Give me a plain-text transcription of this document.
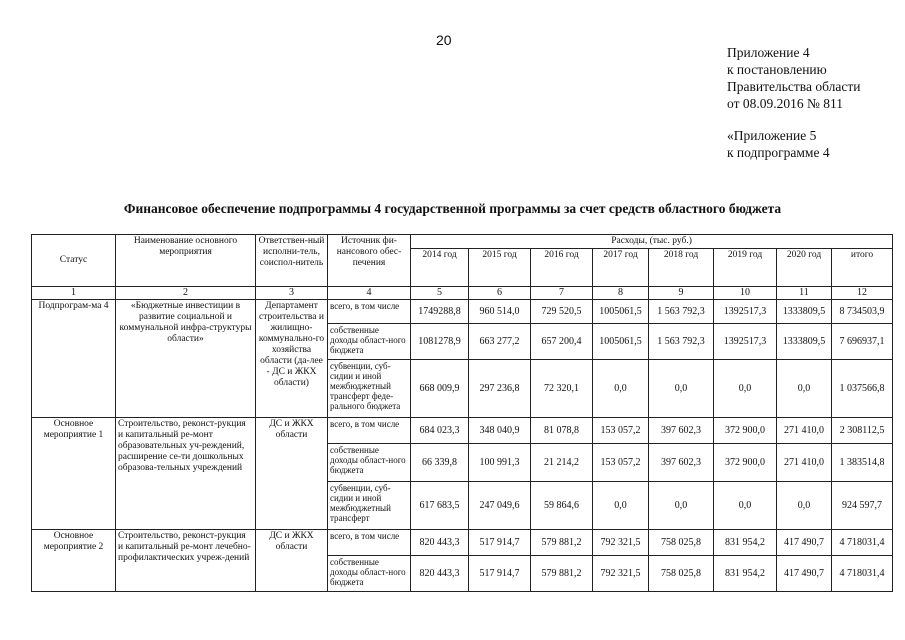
20
Приложение 4
к постановлению
Правительства области
от 08.09.2016 № 811
«Приложение 5
к подпрограмме 4
Финансовое обеспечение подпрограммы 4 государственной программы за счет средств областного бюджета
Статус	Наименование основного мероприятия	Ответствен-ный исполни-тель, соиспол-нитель	Источник фи-нансового обес-печения	Расходы, (тыс. руб.)							
				2014 год	2015 год	2016 год	2017 год	2018 год	2019 год	2020 год	итого
1	2	3	4	5	6	7	8	9	10	11	12
Подпрограм-ма 4	«Бюджетные инвестиции в развитие социальной и коммунальной инфра-структуры области»	Департамент строительства и жилищно-коммунально-го хозяйства области (да-лее - ДС и ЖКХ области)	всего, в том числе	1749288,8	960 514,0	729 520,5	1005061,5	1 563 792,3	1392517,3	1333809,5	8 734503,9
			собственные доходы област-ного бюджета	1081278,9	663 277,2	657 200,4	1005061,5	1 563 792,3	1392517,3	1333809,5	7 696937,1
			субвенции, суб-сидии и иной межбюджетный трансферт феде-рального бюджета	668 009,9	297 236,8	72 320,1	0,0	0,0	0,0	0,0	1 037566,8
Основное мероприятие 1	Строительство, реконст-рукция и капитальный ре-монт образовательных уч-реждений, расширение се-ти дошкольных образова-тельных учреждений	ДС и ЖКХ области	всего, в том числе	684 023,3	348 040,9	81 078,8	153 057,2	397 602,3	372 900,0	271 410,0	2 308112,5
			собственные доходы област-ного бюджета	66 339,8	100 991,3	21 214,2	153 057,2	397 602,3	372 900,0	271 410,0	1 383514,8
			субвенции, суб-сидии и иной межбюджетный трансферт	617 683,5	247 049,6	59 864,6	0,0	0,0	0,0	0,0	924 597,7
Основное мероприятие 2	Строительство, реконст-рукция и капитальный ре-монт лечебно-профилактических учреж-дений	ДС и ЖКХ области	всего, в том числе	820 443,3	517 914,7	579 881,2	792 321,5	758 025,8	831 954,2	417 490,7	4 718031,4
			собственные доходы област-ного бюджета	820 443,3	517 914,7	579 881,2	792 321,5	758 025,8	831 954,2	417 490,7	4 718031,4
